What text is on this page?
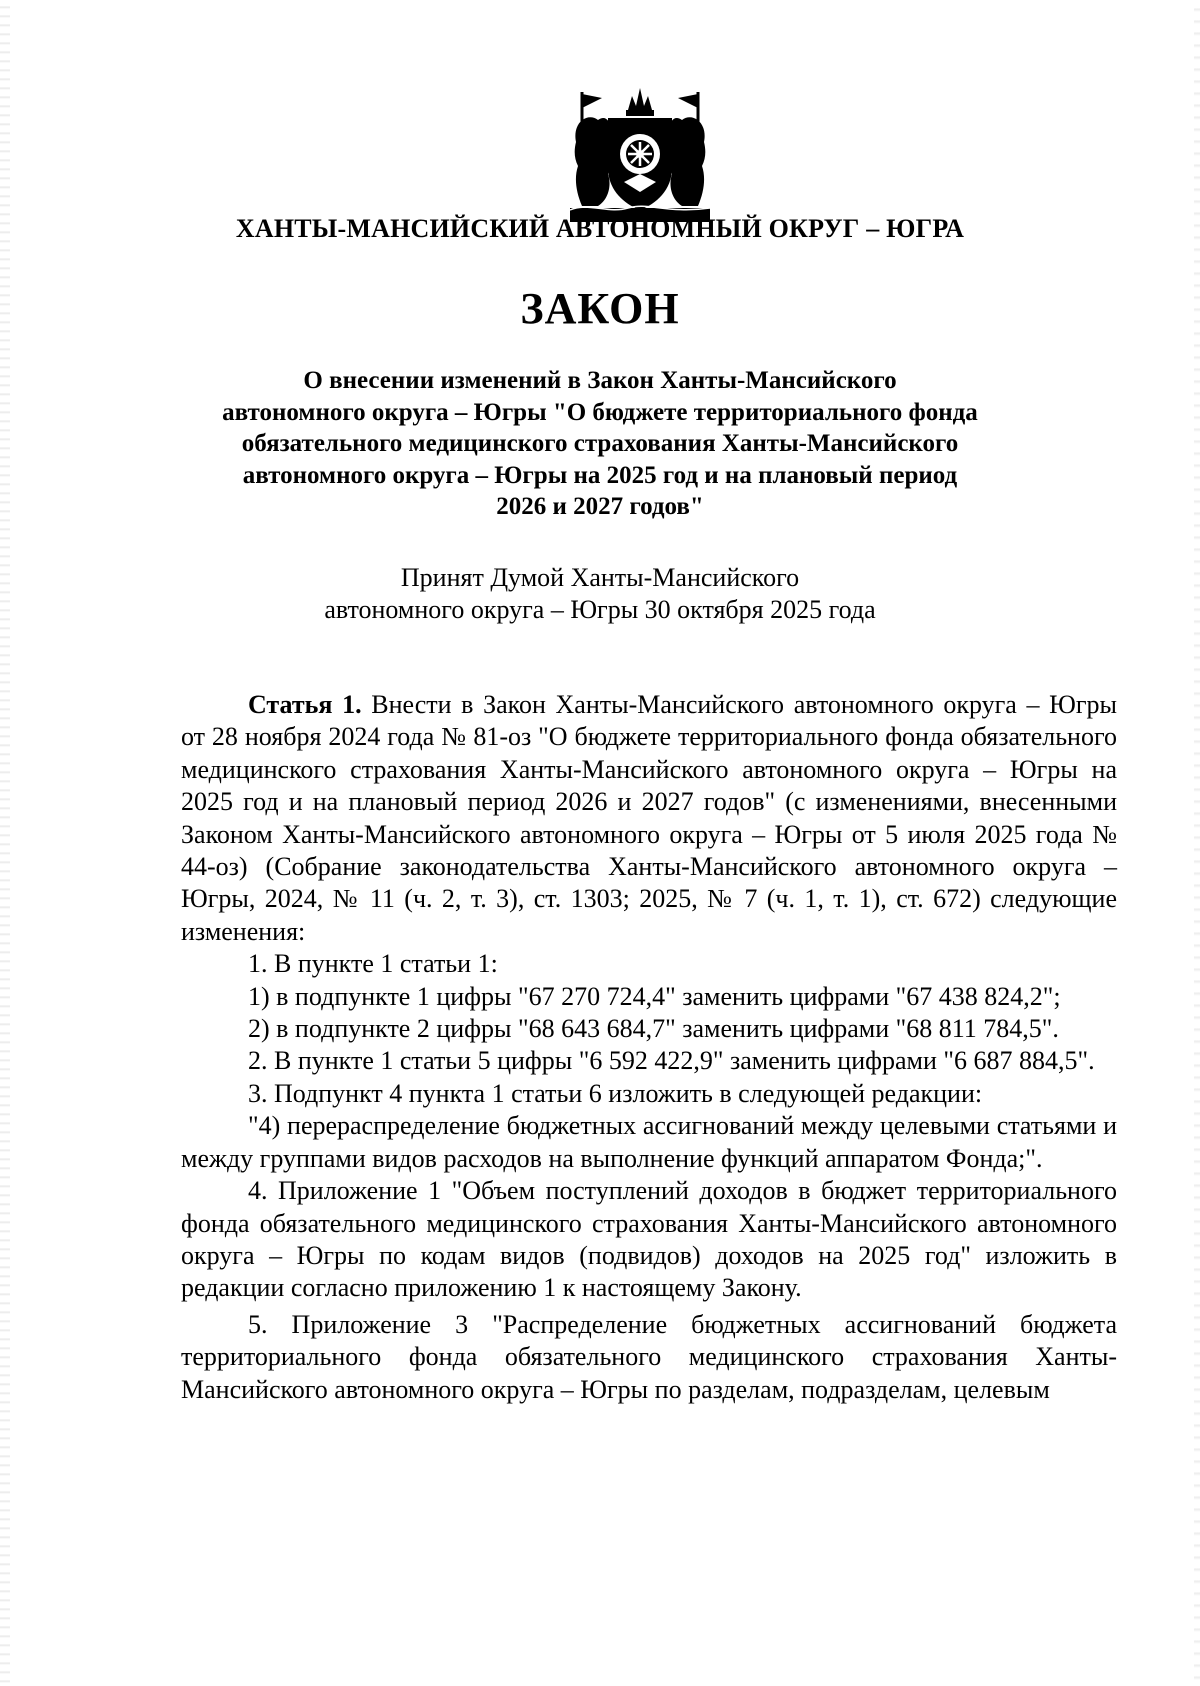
ХАНТЫ-МАНСИЙСКИЙ АВТОНОМНЫЙ ОКРУГ – ЮГРА
ЗАКОН
О внесении изменений в Закон Ханты-Мансийского
автономного округа – Югры "О бюджете территориального фонда
обязательного медицинского страхования Ханты-Мансийского
автономного округа – Югры на 2025 год и на плановый период
2026 и 2027 годов"
Принят Думой Ханты-Мансийского
автономного округа – Югры 30 октября 2025 года

Статья 1. Внести в Закон Ханты-Мансийского автономного округа – Югры от 28 ноября 2024 года № 81-оз "О бюджете территориального фонда обязательного медицинского страхования Ханты-Мансийского автономного округа – Югры на 2025 год и на плановый период 2026 и 2027 годов" (с изменениями, внесенными Законом Ханты-Мансийского автономного округа – Югры от 5 июля 2025 года № 44-оз) (Собрание законодательства Ханты-Мансийского автономного округа – Югры, 2024, № 11 (ч. 2, т. 3), ст. 1303; 2025, № 7 (ч. 1, т. 1), ст. 672) следующие изменения:

1. В пункте 1 статьи 1:

1) в подпункте 1 цифры "67 270 724,4" заменить цифрами "67 438 824,2";

2) в подпункте 2 цифры "68 643 684,7" заменить цифрами "68 811 784,5".

2. В пункте 1 статьи 5 цифры "6 592 422,9" заменить цифрами "6 687 884,5".

3. Подпункт 4 пункта 1 статьи 6 изложить в следующей редакции:

"4) перераспределение бюджетных ассигнований между целевыми статьями и между группами видов расходов на выполнение функций аппаратом Фонда;".

4. Приложение 1 "Объем поступлений доходов в бюджет территориального фонда обязательного медицинского страхования Ханты-Мансийского автономного округа – Югры по кодам видов (подвидов) доходов на 2025 год" изложить в редакции согласно приложению 1 к настоящему Закону.

5. Приложение 3 "Распределение бюджетных ассигнований бюджета территориального фонда обязательного медицинского страхования Ханты-Мансийского автономного округа – Югры по разделам, подразделам, целевым
